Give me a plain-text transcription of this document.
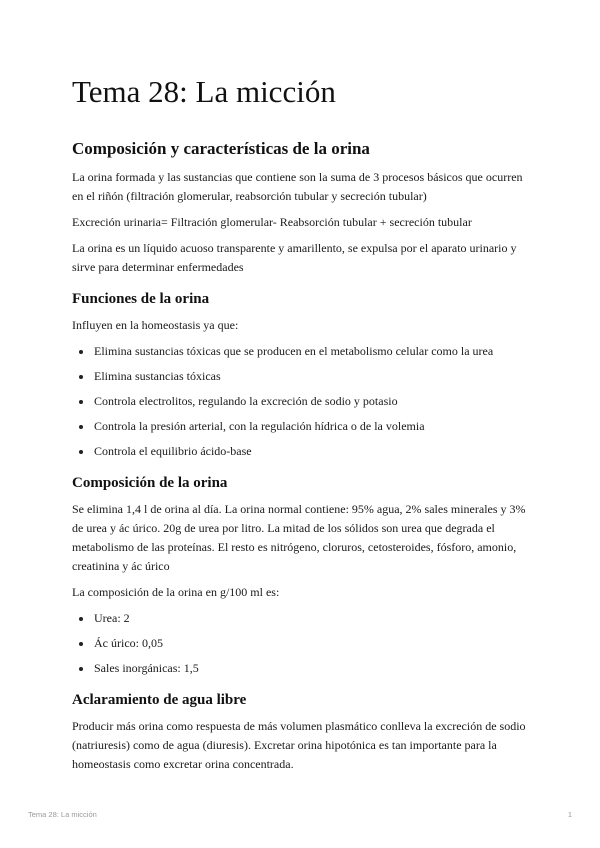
Tema 28: La micción
Composición y características de la orina

La orina formada y las sustancias que contiene son la suma de 3 procesos básicos que ocurren en el riñón (filtración glomerular, reabsorción tubular y secreción tubular)

Excreción urinaria= Filtración glomerular- Reabsorción tubular + secreción tubular

La orina es un líquido acuoso transparente y amarillento, se expulsa por el aparato urinario y sirve para determinar enfermedades

Funciones de la orina

Influyen en la homeostasis ya que:

Elimina sustancias tóxicas que se producen en el metabolismo celular como la urea
Elimina sustancias tóxicas
Controla electrolitos, regulando la excreción de sodio y potasio
Controla la presión arterial, con la regulación hídrica o de la volemia
Controla el equilibrio ácido-base
Composición de la orina

Se elimina 1,4 l de orina al día. La orina normal contiene: 95% agua, 2% sales minerales y 3% de urea y ác úrico. 20g de urea por litro. La mitad de los sólidos son urea que degrada el metabolismo de las proteínas. El resto es nitrógeno, cloruros, cetosteroides, fósforo, amonio, creatinina y ác úrico

La composición de la orina en g/100 ml es:

Urea: 2
Ác úrico: 0,05
Sales inorgánicas: 1,5
Aclaramiento de agua libre

Producir más orina como respuesta de más volumen plasmático conlleva la excreción de sodio (natriuresis) como de agua (diuresis). Excretar orina hipotónica es tan importante para la homeostasis como excretar orina concentrada.

Tema 28: La micción	1
